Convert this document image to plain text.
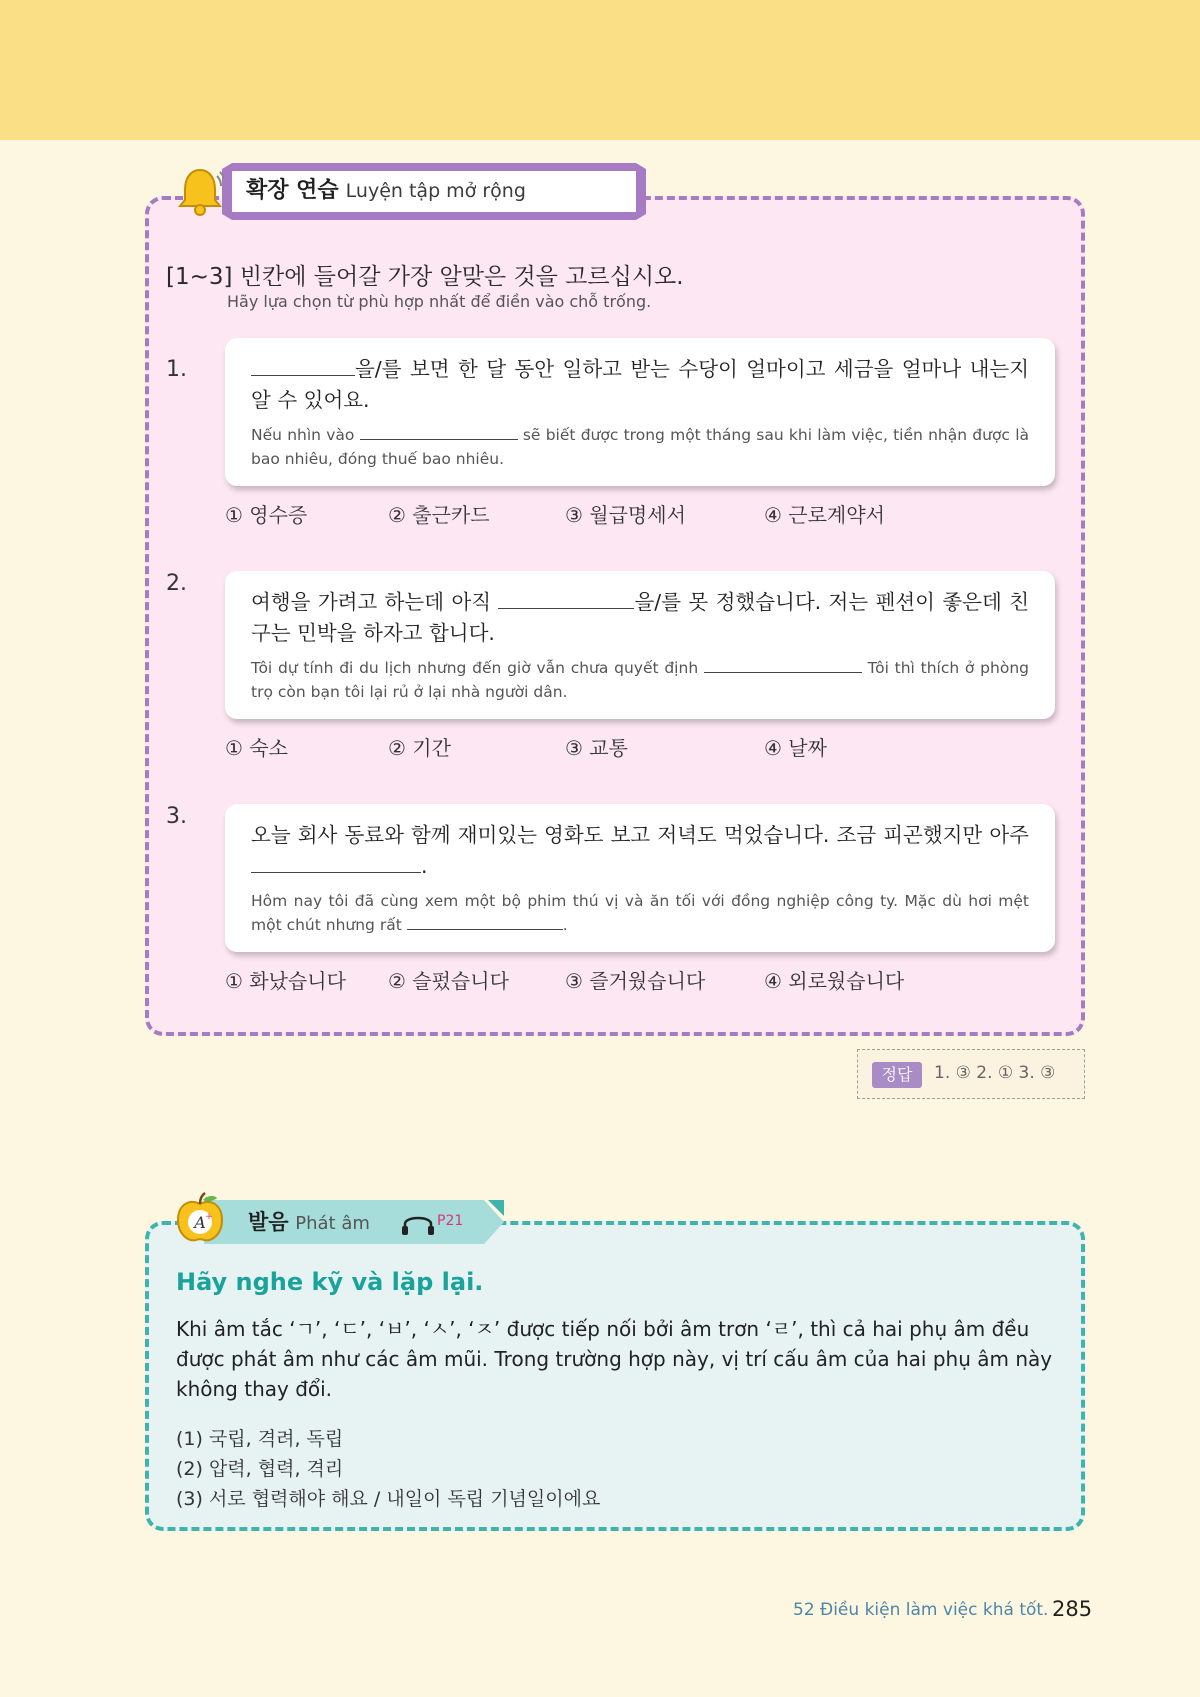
확장 연습 Luyện tập mở rộng
[1~3] 빈칸에 들어갈 가장 알맞은 것을 고르십시오.
Hãy lựa chọn từ phù hợp nhất để điền vào chỗ trống.
1.	을/를 보면 한 달 동안 일하고 받는 수당이 얼마이고 세금을 얼마나 내는지 알 수 있어요.
Nếu nhìn vào	sẽ biết được trong một tháng sau khi làm việc, tiền nhận được là bao nhiêu, đóng thuế bao nhiêu.
① 영수증	② 출근카드	③ 월급명세서	④ 근로계약서
2.
여행을 가려고 하는데 아직	을/를 못 정했습니다. 저는 펜션이 좋은데 친구는 민박을 하자고 합니다.
Tôi dự tính đi du lịch nhưng đến giờ vẫn chưa quyết định	Tôi thì thích ở phòng trọ còn bạn tôi lại rủ ở lại nhà người dân.
① 숙소	② 기간	③ 교통	④ 날짜
3.
오늘 회사 동료와 함께 재미있는 영화도 보고 저녁도 먹었습니다. 조금 피곤했지만 아주 .
Hôm nay tôi đã cùng xem một bộ phim thú vị và ăn tối với đồng nghiệp công ty. Mặc dù hơi mệt một chút nhưng rất	.
① 화났습니다 ② 슬펐습니다	③ 즐거웠습니다	④ 외로웠습니다
정답	1. ③ 2. ① 3. ③
A + 발음 Phát âm	P21
Hãy nghe kỹ và lặp lại.
Khi âm tắc ‘ㄱ’, ‘ㄷ’, ‘ㅂ’, ‘ㅅ’, ‘ㅈ’ được tiếp nối bởi âm trơn ‘ㄹ’, thì cả hai phụ âm đều được phát âm như các âm mũi. Trong trường hợp này, vị trí cấu âm của hai phụ âm này không thay đổi.
(1) 국립, 격려, 독립
(2) 압력, 협력, 격리
(3) 서로 협력해야 해요 / 내일이 독립 기념일이에요
52 Điều kiện làm việc khá tốt. 285
